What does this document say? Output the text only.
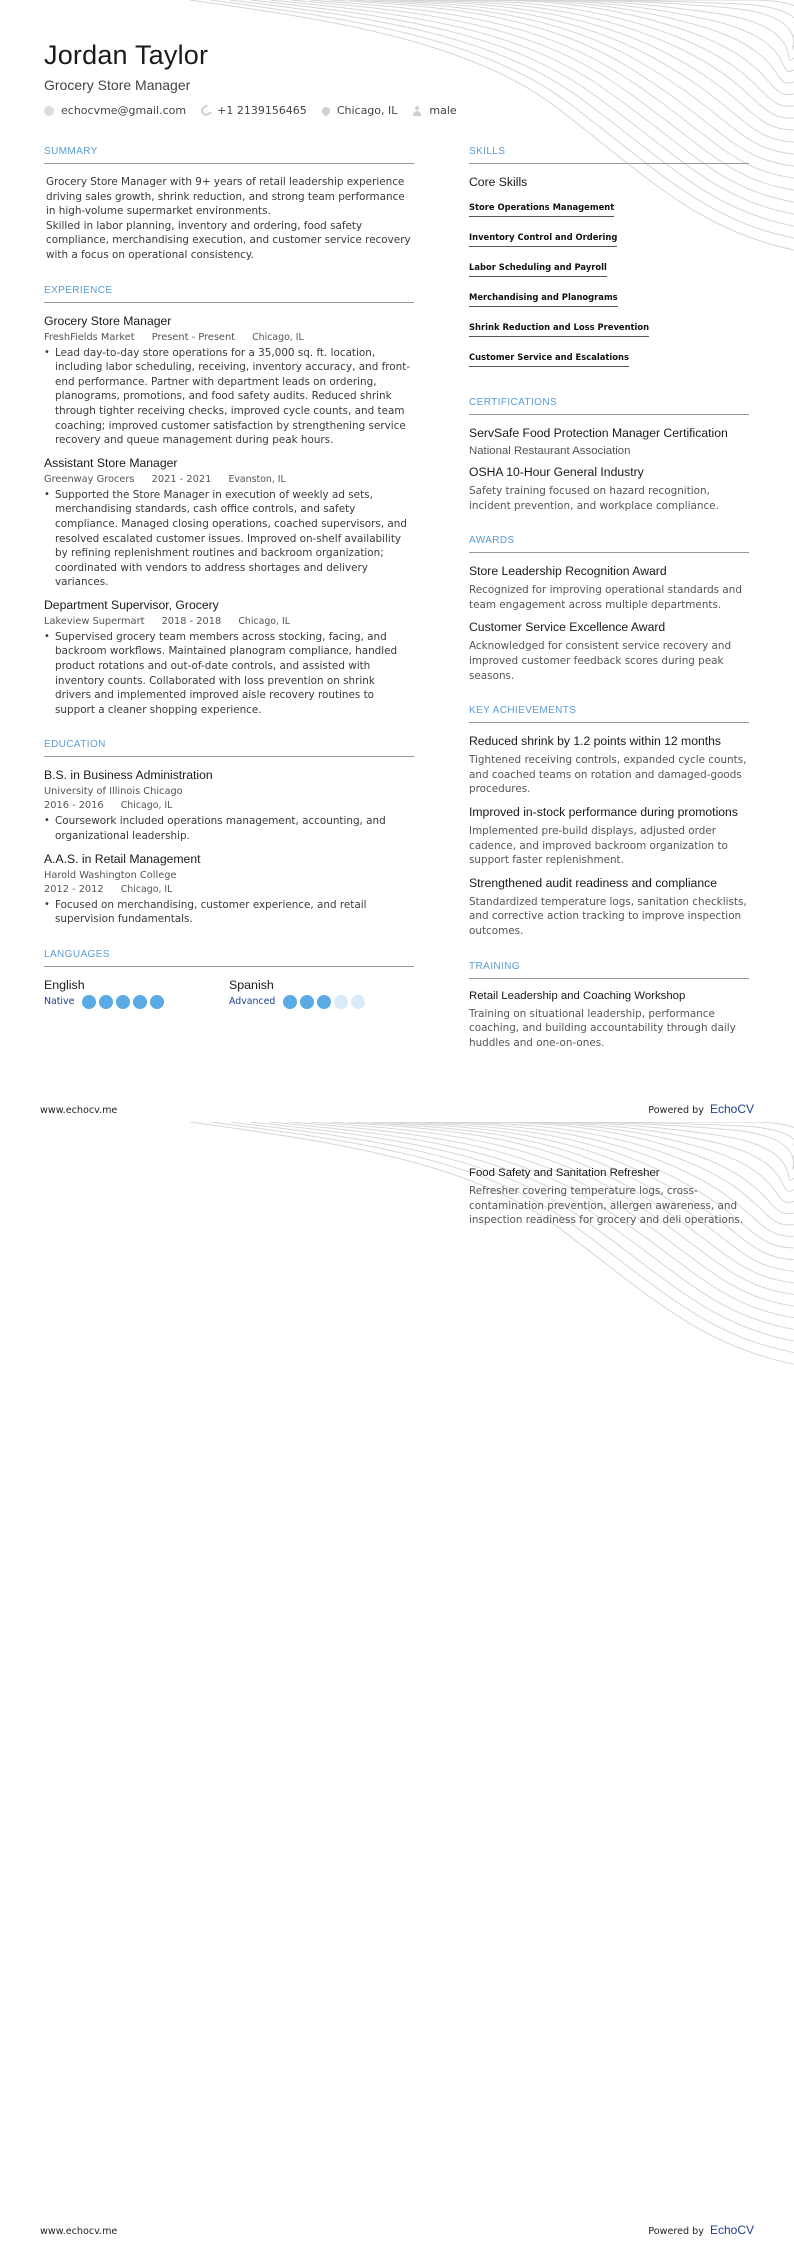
Jordan Taylor
Grocery Store Manager
echocvme@gmail.com	+1 2139156465	Chicago, IL	male
SUMMARY

Grocery Store Manager with 9+ years of retail leadership experience driving sales growth, shrink reduction, and strong team performance in high-volume supermarket environments.

Skilled in labor planning, inventory and ordering, food safety compliance, merchandising execution, and customer service recovery with a focus on operational consistency.

EXPERIENCE
Grocery Store Manager
FreshFields Market Present - Present Chicago, IL
• Lead day-to-day store operations for a 35,000 sq. ft. location, including labor scheduling, receiving, inventory accuracy, and front-end performance. Partner with department leads on ordering, planograms, promotions, and food safety audits. Reduced shrink through tighter receiving checks, improved cycle counts, and team coaching; improved customer satisfaction by strengthening service recovery and queue management during peak hours.
Assistant Store Manager
Greenway Grocers 2021 - 2021 Evanston, IL
• Supported the Store Manager in execution of weekly ad sets, merchandising standards, cash office controls, and safety compliance. Managed closing operations, coached supervisors, and resolved escalated customer issues. Improved on-shelf availability by refining replenishment routines and backroom organization; coordinated with vendors to address shortages and delivery variances.
Department Supervisor, Grocery
Lakeview Supermart 2018 - 2018 Chicago, IL
• Supervised grocery team members across stocking, facing, and backroom workflows. Maintained planogram compliance, handled product rotations and out-of-date controls, and assisted with inventory counts. Collaborated with loss prevention on shrink drivers and implemented improved aisle recovery routines to support a cleaner shopping experience.
EDUCATION
B.S. in Business Administration
University of Illinois Chicago
2016 - 2016 Chicago, IL
• Coursework included operations management, accounting, and organizational leadership.
A.A.S. in Retail Management
Harold Washington College
2012 - 2012 Chicago, IL
• Focused on merchandising, customer experience, and retail supervision fundamentals.
LANGUAGES
English
Native
Spanish
Advanced
SKILLS
Core Skills
Store Operations Management
Inventory Control and Ordering
Labor Scheduling and Payroll
Merchandising and Planograms
Shrink Reduction and Loss Prevention
Customer Service and Escalations
CERTIFICATIONS
ServSafe Food Protection Manager Certification
National Restaurant Association
OSHA 10-Hour General Industry
Safety training focused on hazard recognition, incident prevention, and workplace compliance.
AWARDS
Store Leadership Recognition Award
Recognized for improving operational standards and team engagement across multiple departments.
Customer Service Excellence Award
Acknowledged for consistent service recovery and improved customer feedback scores during peak seasons.
KEY ACHIEVEMENTS
Reduced shrink by 1.2 points within 12 months
Tightened receiving controls, expanded cycle counts, and coached teams on rotation and damaged-goods procedures.
Improved in-stock performance during promotions
Implemented pre-build displays, adjusted order cadence, and improved backroom organization to support faster replenishment.
Strengthened audit readiness and compliance
Standardized temperature logs, sanitation checklists, and corrective action tracking to improve inspection outcomes.
TRAINING
Retail Leadership and Coaching Workshop
Training on situational leadership, performance coaching, and building accountability through daily huddles and one-on-ones.
www.echocv.me	Powered by EchoCV
Food Safety and Sanitation Refresher
Refresher covering temperature logs, cross-contamination prevention, allergen awareness, and inspection readiness for grocery and deli operations.
www.echocv.me	Powered by EchoCV
